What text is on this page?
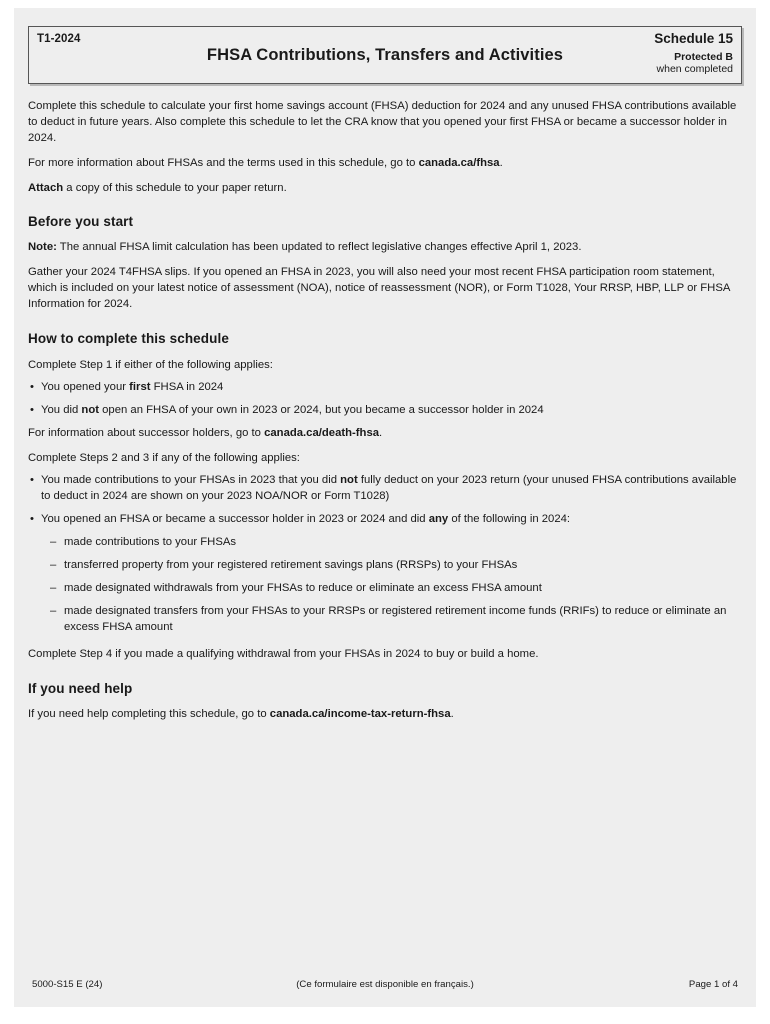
T1-2024
FHSA Contributions, Transfers and Activities
Schedule 15
Protected B
when completed

Complete this schedule to calculate your first home savings account (FHSA) deduction for 2024 and any unused FHSA contributions available to deduct in future years. Also complete this schedule to let the CRA know that you opened your first FHSA or became a successor holder in 2024.

For more information about FHSAs and the terms used in this schedule, go to canada.ca/fhsa.

Attach a copy of this schedule to your paper return.

Before you start

Note: The annual FHSA limit calculation has been updated to reflect legislative changes effective April 1, 2023.

Gather your 2024 T4FHSA slips. If you opened an FHSA in 2023, you will also need your most recent FHSA participation room statement, which is included on your latest notice of assessment (NOA), notice of reassessment (NOR), or Form T1028, Your RRSP, HBP, LLP or FHSA Information for 2024.

How to complete this schedule

Complete Step 1 if either of the following applies:

• You opened your first FHSA in 2024
• You did not open an FHSA of your own in 2023 or 2024, but you became a successor holder in 2024

For information about successor holders, go to canada.ca/death-fhsa.

Complete Steps 2 and 3 if any of the following applies:

• You made contributions to your FHSAs in 2023 that you did not fully deduct on your 2023 return (your unused FHSA contributions available to deduct in 2024 are shown on your 2023 NOA/NOR or Form T1028)
• You opened an FHSA or became a successor holder in 2023 or 2024 and did any of the following in 2024:
– made contributions to your FHSAs
– transferred property from your registered retirement savings plans (RRSPs) to your FHSAs
– made designated withdrawals from your FHSAs to reduce or eliminate an excess FHSA amount
– made designated transfers from your FHSAs to your RRSPs or registered retirement income funds (RRIFs) to reduce or eliminate an excess FHSA amount

Complete Step 4 if you made a qualifying withdrawal from your FHSAs in 2024 to buy or build a home.

If you need help

If you need help completing this schedule, go to canada.ca/income-tax-return-fhsa.

5000-S15 E (24)	(Ce formulaire est disponible en français.)	Page 1 of 4
